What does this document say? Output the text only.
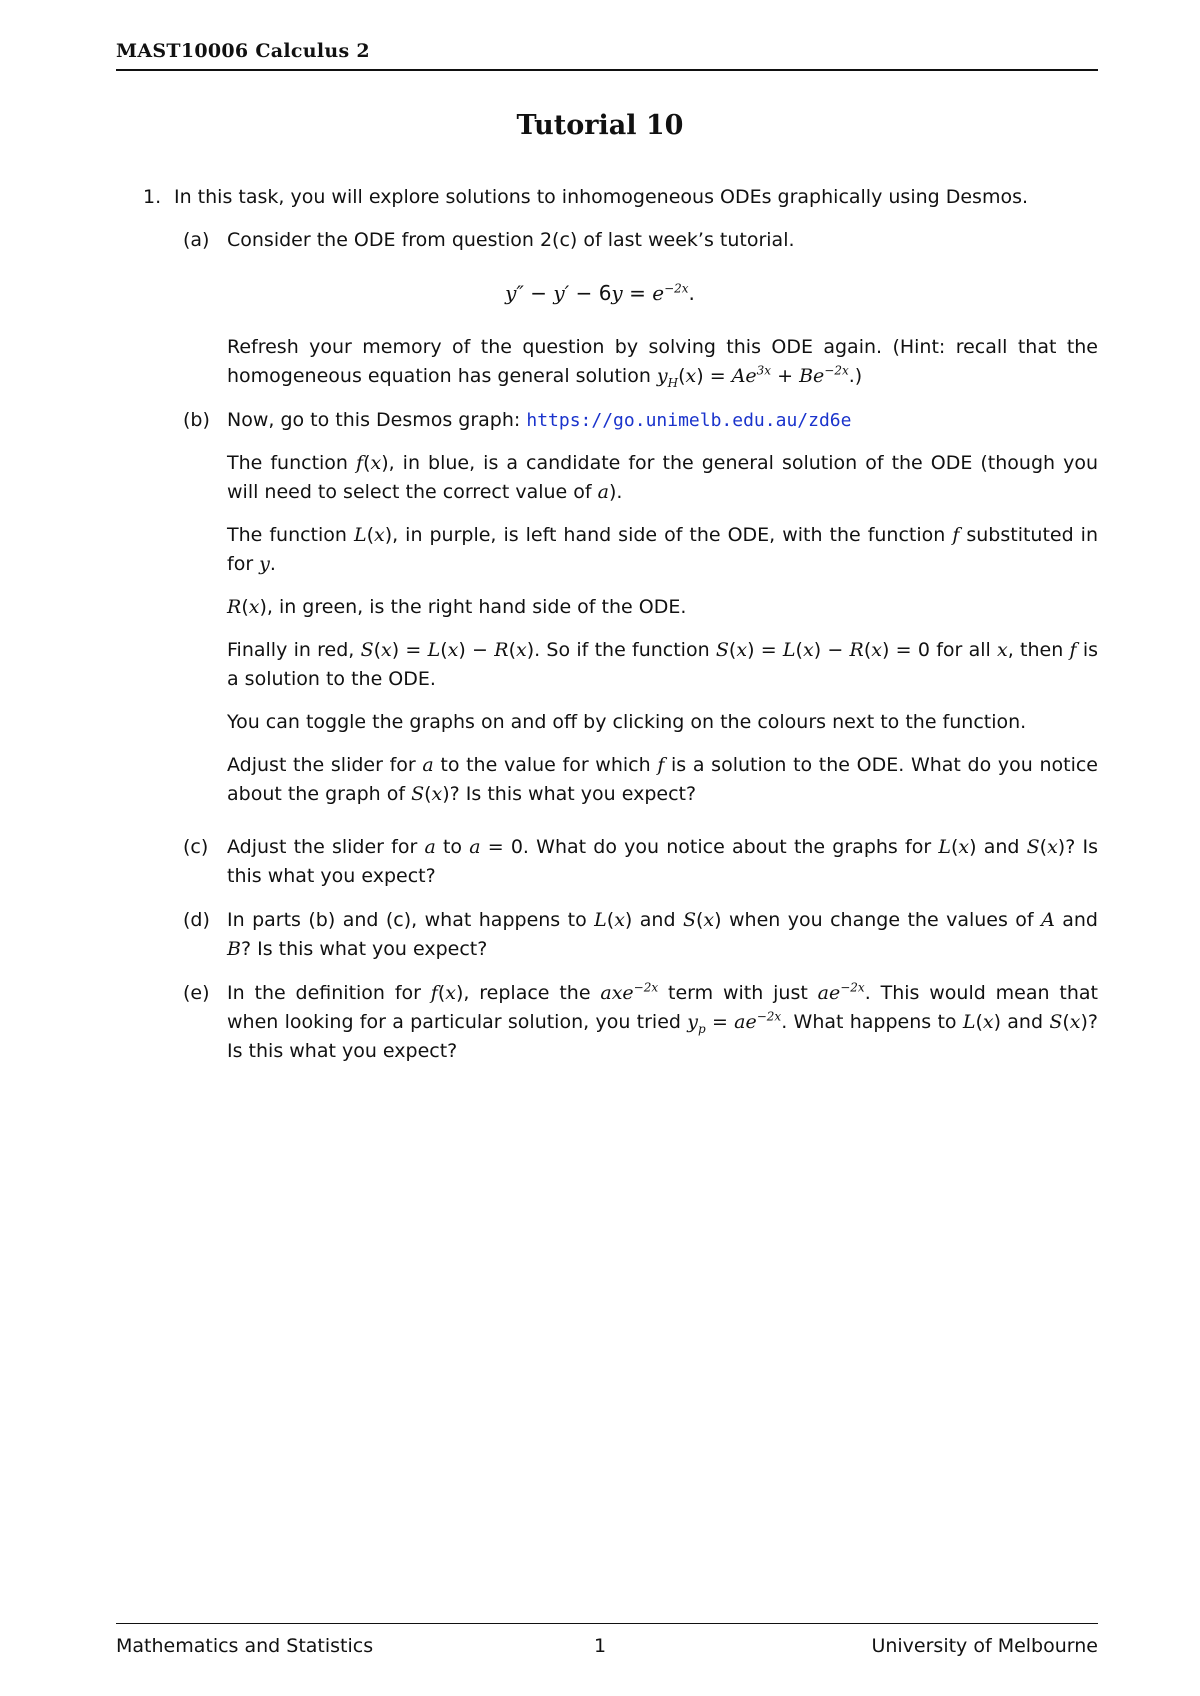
MAST10006 Calculus 2
Tutorial 10
1. In this task, you will explore solutions to inhomogeneous ODEs graphically using Desmos.
(a) Consider the ODE from question 2(c) of last week’s tutorial.

$y'' - y' - 6y = e^{-2x}$.

Refresh your memory of the question by solving this ODE again. (Hint: recall that the homogeneous equation has general solution $y_H(x) = Ae^{3x} + Be^{-2x}$.)

(b) Now, go to this Desmos graph: https://go.unimelb.edu.au/zd6e

The function f(x), in blue, is a candidate for the general solution of the ODE (though you will need to select the correct value of a).

The function L(x), in purple, is left hand side of the ODE, with the function f substituted in for y.

R(x), in green, is the right hand side of the ODE.

Finally in red, S(x) = L(x) − R(x). So if the function S(x) = L(x) − R(x) = 0 for all x, then f is a solution to the ODE.

You can toggle the graphs on and off by clicking on the colours next to the function.

Adjust the slider for a to the value for which f is a solution to the ODE. What do you notice about the graph of S(x)? Is this what you expect?

(c) Adjust the slider for a to a = 0. What do you notice about the graphs for L(x) and S(x)? Is this what you expect?

(d) In parts (b) and (c), what happens to L(x) and S(x) when you change the values of A and B? Is this what you expect?

(e) In the definition for f(x), replace the axe$^{-2x}$ term with just $ae^{-2x}$. This would mean that when looking for a particular solution, you tried $y_p = ae^{-2x}$. What happens to L(x) and S(x)? Is this what you expect?

Mathematics and Statistics	1	University of Melbourne
